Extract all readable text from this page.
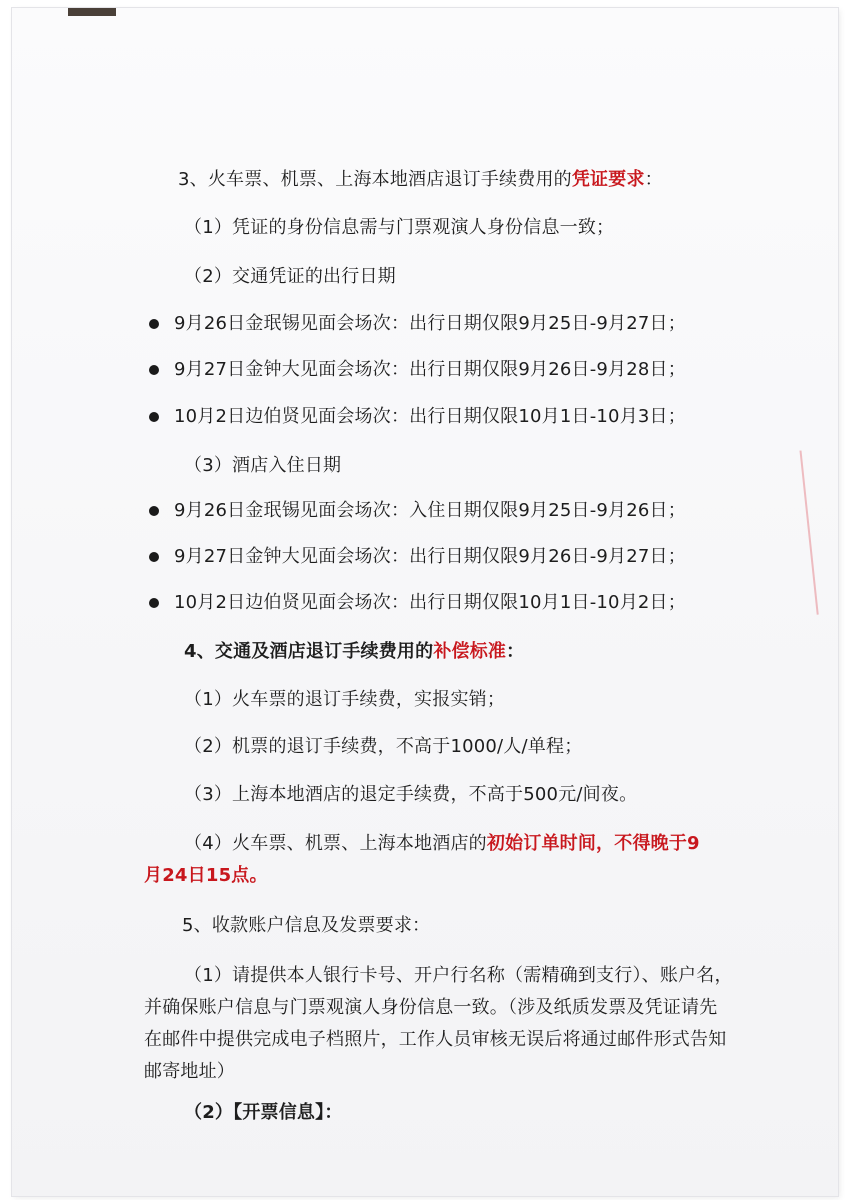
3、火车票、机票、上海本地酒店退订手续费用的凭证要求：
（1）凭证的身份信息需与门票观演人身份信息一致；
（2）交通凭证的出行日期
9月26日金珉锡见面会场次：出行日期仅限9月25日-9月27日；
9月27日金钟大见面会场次：出行日期仅限9月26日-9月28日；
10月2日边伯贤见面会场次：出行日期仅限10月1日-10月3日；
（3）酒店入住日期
9月26日金珉锡见面会场次：入住日期仅限9月25日-9月26日；
9月27日金钟大见面会场次：出行日期仅限9月26日-9月27日；
10月2日边伯贤见面会场次：出行日期仅限10月1日-10月2日；
4、交通及酒店退订手续费用的补偿标准：
（1）火车票的退订手续费，实报实销；
（2）机票的退订手续费，不高于1000/人/单程；
（3）上海本地酒店的退定手续费，不高于500元/间夜。
（4）火车票、机票、上海本地酒店的初始订单时间，不得晚于9
月24日15点。
5、收款账户信息及发票要求：
（1）请提供本人银行卡号、开户行名称（需精确到支行）、账户名，
并确保账户信息与门票观演人身份信息一致。（涉及纸质发票及凭证请先
在邮件中提供完成电子档照片，工作人员审核无误后将通过邮件形式告知
邮寄地址）
（2）【开票信息】：
